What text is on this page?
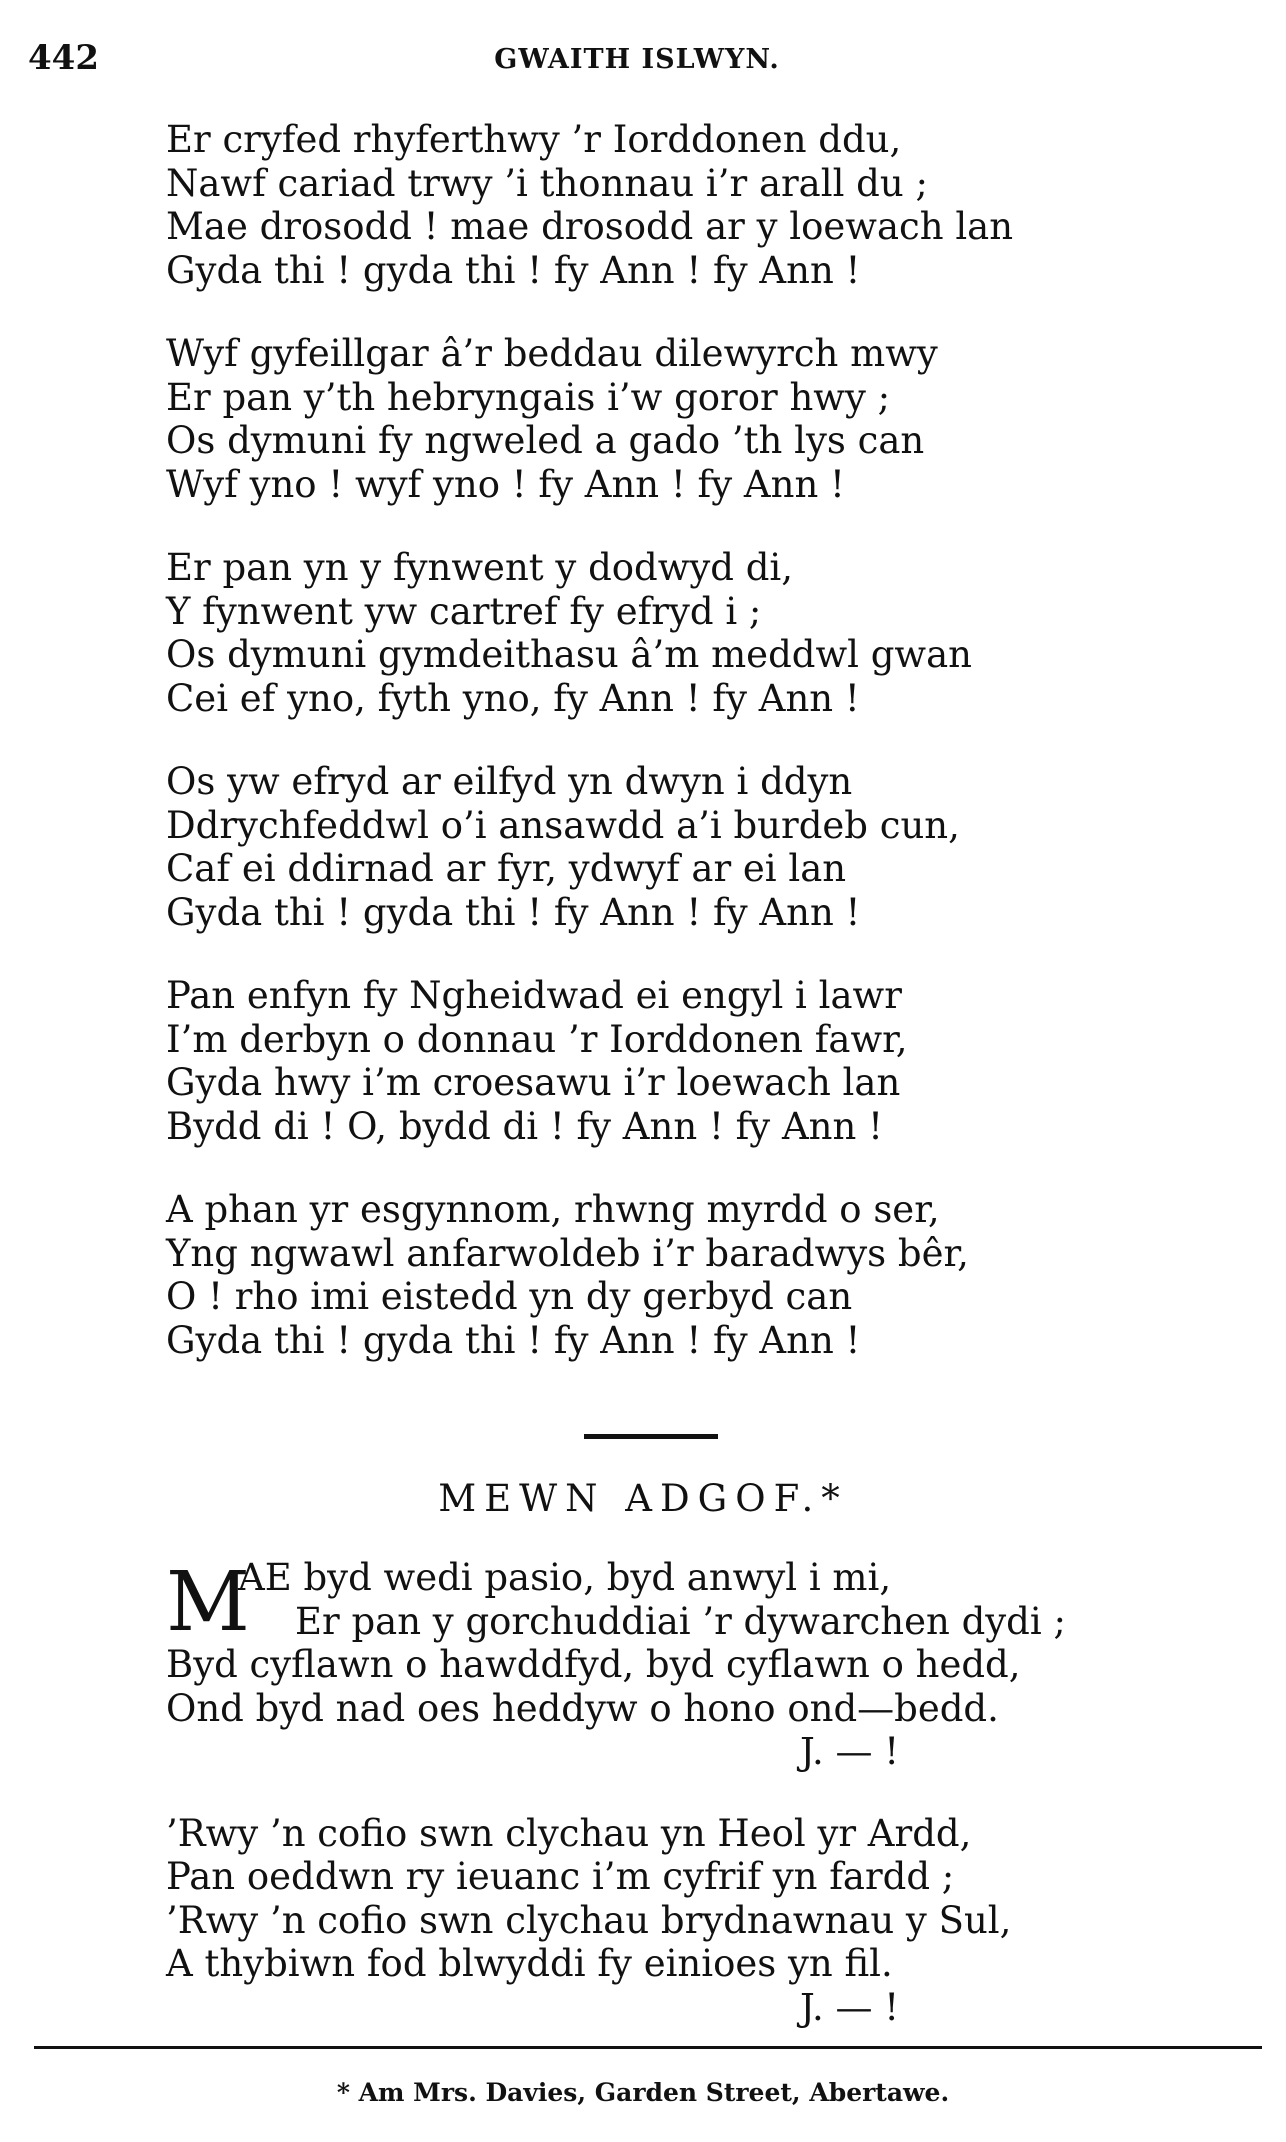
442	GWAITH ISLWYN.
Er cryfed rhyferthwy ’r Iorddonen ddu,
Nawf cariad trwy ’i thonnau i’r arall du ;
Mae drosodd ! mae drosodd ar y loewach lan
Gyda thi ! gyda thi ! fy Ann ! fy Ann !
Wyf gyfeillgar â’r beddau dilewyrch mwy
Er pan y’th hebryngais i’w goror hwy ;
Os dymuni fy ngweled a gado ’th lys can
Wyf yno ! wyf yno ! fy Ann ! fy Ann !
Er pan yn y fynwent y dodwyd di,
Y fynwent yw cartref fy efryd i ;
Os dymuni gymdeithasu â’m meddwl gwan
Cei ef yno, fyth yno, fy Ann ! fy Ann !
Os yw efryd ar eilfyd yn dwyn i ddyn
Ddrychfeddwl o’i ansawdd a’i burdeb cun,
Caf ei ddirnad ar fyr, ydwyf ar ei lan
Gyda thi ! gyda thi ! fy Ann ! fy Ann !
Pan enfyn fy Ngheidwad ei engyl i lawr
I’m derbyn o donnau ’r Iorddonen fawr,
Gyda hwy i’m croesawu i’r loewach lan
Bydd di ! O, bydd di ! fy Ann ! fy Ann !
A phan yr esgynnom, rhwng myrdd o ser,
Yng ngwawl anfarwoldeb i’r baradwys bêr,
O ! rho imi eistedd yn dy gerbyd can
Gyda thi ! gyda thi ! fy Ann ! fy Ann !
MEWN ADGOF.*
M
AE byd wedi pasio, byd anwyl i mi,
Er pan y gorchuddiai ’r dywarchen dydi ;
Byd cyflawn o hawddfyd, byd cyflawn o hedd,
Ond byd nad oes heddyw o hono ond—bedd.
J. — !
’Rwy ’n cofio swn clychau yn Heol yr Ardd,
Pan oeddwn ry ieuanc i’m cyfrif yn fardd ;
’Rwy ’n cofio swn clychau brydnawnau y Sul,
A thybiwn fod blwyddi fy einioes yn fil.
J. — !
* Am Mrs. Davies, Garden Street, Abertawe.
